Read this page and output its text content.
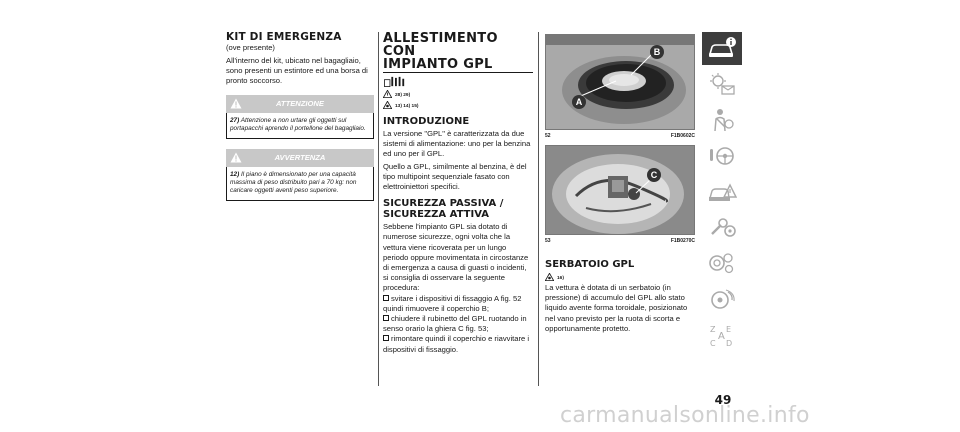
KIT DI EMERGENZA
(ove presente)

All'interno del kit, ubicato nel bagagliaio, sono presenti un estintore ed una borsa di pronto soccorso.

ATTENZIONE

27) Attenzione a non urtare gli oggetti sul portapacchi aprendo il portellone del bagagliaio.

AVVERTENZA

12) Il piano è dimensionato per una capacità massima di peso distribuito pari a 70 kg: non caricare oggetti aventi peso superiore.

ALLESTIMENTO CON
IMPIANTO GPL
28) 29)
13) 14) 15)
INTRODUZIONE

La versione "GPL" è caratterizzata da due sistemi di alimentazione: uno per la benzina ed uno per il GPL.

Quello a GPL, similmente al benzina, è del tipo multipoint sequenziale fasato con elettroiniettori specifici.

SICUREZZA PASSIVA /
SICUREZZA ATTIVA

Sebbene l'impianto GPL sia dotato di numerose sicurezze, ogni volta che la vettura viene ricoverata per un lungo periodo oppure movimentata in circostanze di emergenza a causa di guasti o incidenti, si consiglia di osservare la seguente procedura:

svitare i dispositivi di fissaggio A fig. 52 quindi rimuovere il coperchio B;

chiudere il rubinetto del GPL ruotando in senso orario la ghiera C fig. 53;

rimontare quindi il coperchio e riavvitare i dispositivi di fissaggio.

B
A
52	F1B0602C
C
53	F1B0270C
SERBATOIO GPL
16)

La vettura è dotata di un serbatoio (in pressione) di accumulo del GPL allo stato liquido avente forma toroidale, posizionato nel vano previsto per la ruota di scorta e opportunamente protetto.	Z E
A
C D
49
carmanualsonline.info
